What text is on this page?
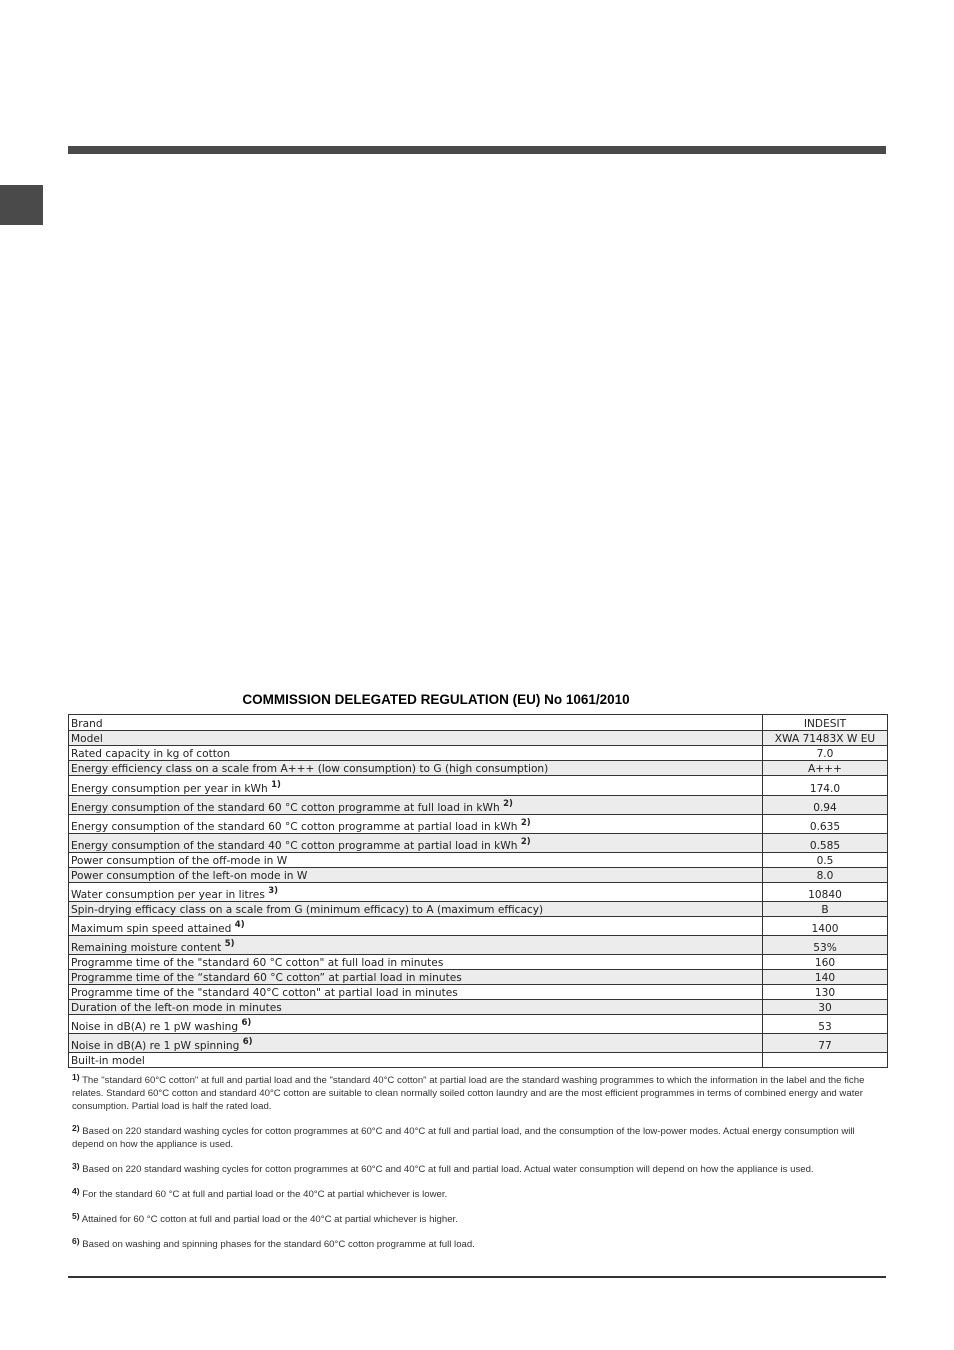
COMMISSION DELEGATED REGULATION (EU) No 1061/2010
Brand	INDESIT
Model	XWA 71483X W EU
Rated capacity in kg of cotton	7.0
Energy efficiency class on a scale from A+++ (low consumption) to G (high consumption)	A+++
Energy consumption per year in kWh $^{1)}$	174.0
Energy consumption of the standard 60 °C cotton programme at full load in kWh $^{2)}$	0.94
Energy consumption of the standard 60 °C cotton programme at partial load in kWh $^{2)}$	0.635
Energy consumption of the standard 40 °C cotton programme at partial load in kWh $^{2)}$	0.585
Power consumption of the off-mode in W	0.5
Power consumption of the left-on mode in W	8.0
Water consumption per year in litres $^{3)}$	10840
Spin-drying efficacy class on a scale from G (minimum efficacy) to A (maximum efficacy)	B
Maximum spin speed attained $^{4)}$	1400
Remaining moisture content $^{5)}$	53%
Programme time of the "standard 60 °C cotton" at full load in minutes	160
Programme time of the “standard 60 °C cotton” at partial load in minutes	140
Programme time of the "standard 40°C cotton" at partial load in minutes	130
Duration of the left-on mode in minutes	30
Noise in dB(A) re 1 pW washing $^{6)}$	53
Noise in dB(A) re 1 pW spinning $^{6)}$	77
Built-in model	
$^{1)}$ The "standard 60°C cotton" at full and partial load and the "standard 40°C cotton" at partial load are the standard washing programmes to which the information in the label and the fiche relates. Standard 60°C cotton and standard 40°C cotton are suitable to clean normally soiled cotton laundry and are the most efficient programmes in terms of combined energy and water consumption. Partial load is half the rated load.
$^{2)}$ Based on 220 standard washing cycles for cotton programmes at 60°C and 40°C at full and partial load, and the consumption of the low-power modes. Actual energy consumption will depend on how the appliance is used.
$^{3)}$ Based on 220 standard washing cycles for cotton programmes at 60°C and 40°C at full and partial load. Actual water consumption will depend on how the appliance is used.
$^{4)}$ For the standard 60 °C at full and partial load or the 40°C at partial whichever is lower.
$^{5)}$ Attained for 60 °C cotton at full and partial load or the 40°C at partial whichever is higher.
$^{6)}$ Based on washing and spinning phases for the standard 60°C cotton programme at full load.
